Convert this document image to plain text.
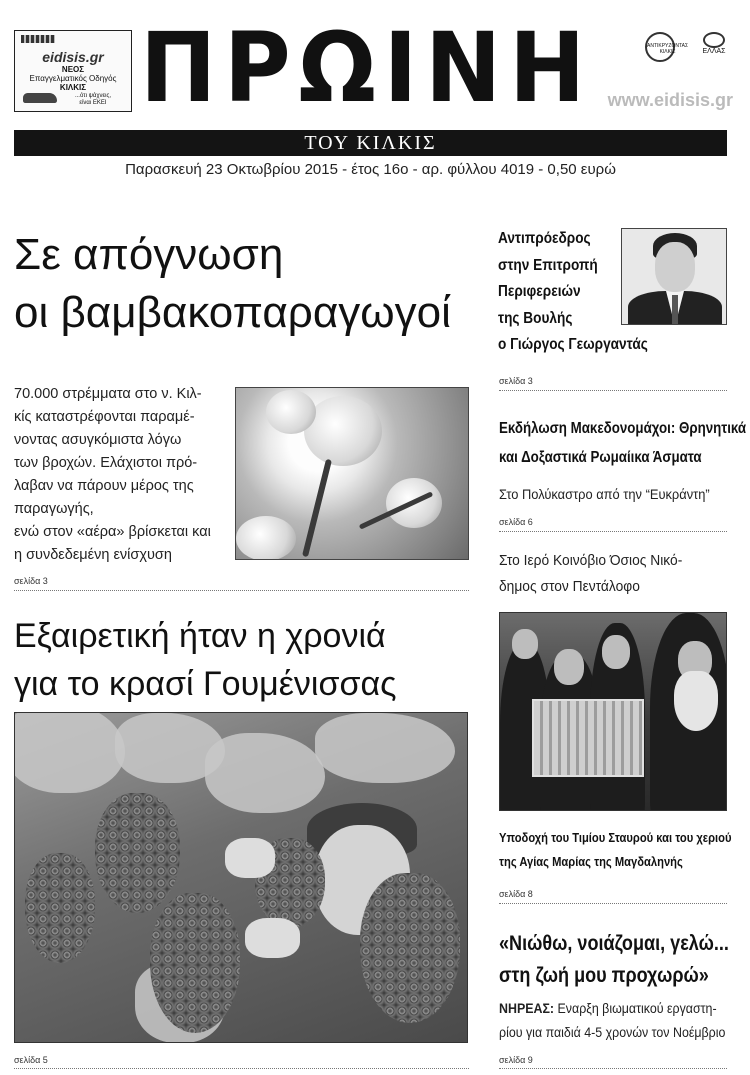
eidisis.gr
ΝΕΟΣ
Επαγγελματικός Οδηγός
ΚΙΛΚΙΣ
...ότι ψάχνεις,
είναι ΕΚΕΙ ΠΡΩΙΝΗ	ΑΝΤΙΚΡΥΖΟΝΤΑΣ ΚΙΛΚΙΣ	ΕΛΛΑΣ
www.eidisis.gr
ΤΟΥ ΚΙΛΚΙΣ
Παρασκευή 23 Οκτωβρίου 2015 - έτος 16ο - αρ. φύλλου 4019 - 0,50 ευρώ
Σε απόγνωση
οι βαμβακοπαραγωγοί
70.000 στρέμματα στο ν. Κιλ-
κίς καταστρέφονται παραμέ-
νοντας ασυγκόμιστα λόγω
των βροχών. Ελάχιστοι πρό-
λαβαν να πάρουν μέρος της
παραγωγής,
ενώ στον «αέρα» βρίσκεται και
η συνδεδεμένη ενίσχυση
σελίδα 3
Εξαιρετική ήταν η χρονιά
για το κρασί Γουμένισσας
σελίδα 5
Αντιπρόεδρος
στην Επιτροπή
Περιφερειών
της Βουλής
ο Γιώργος Γεωργαντάς
σελίδα 3
Εκδήλωση Μακεδονομάχοι: Θρηνητικά
και Δοξαστικά Ρωμαίικα Άσματα
Στο Πολύκαστρο από την “Ευκράντη”
σελίδα 6
Στο Ιερό Κοινόβιο Όσιος Νικό-
δημος στον Πεντάλοφο
Υποδοχή του Τιμίου Σταυρού και του χεριού
της Αγίας Μαρίας της Μαγδαληνής
σελίδα 8
«Νιώθω, νοιάζομαι, γελώ...
στη ζωή μου προχωρώ»
ΝΗΡΕΑΣ: Εναρξη βιωματικού εργαστη-
ρίου για παιδιά 4-5 χρονών τον Νοέμβριο
σελίδα 9
